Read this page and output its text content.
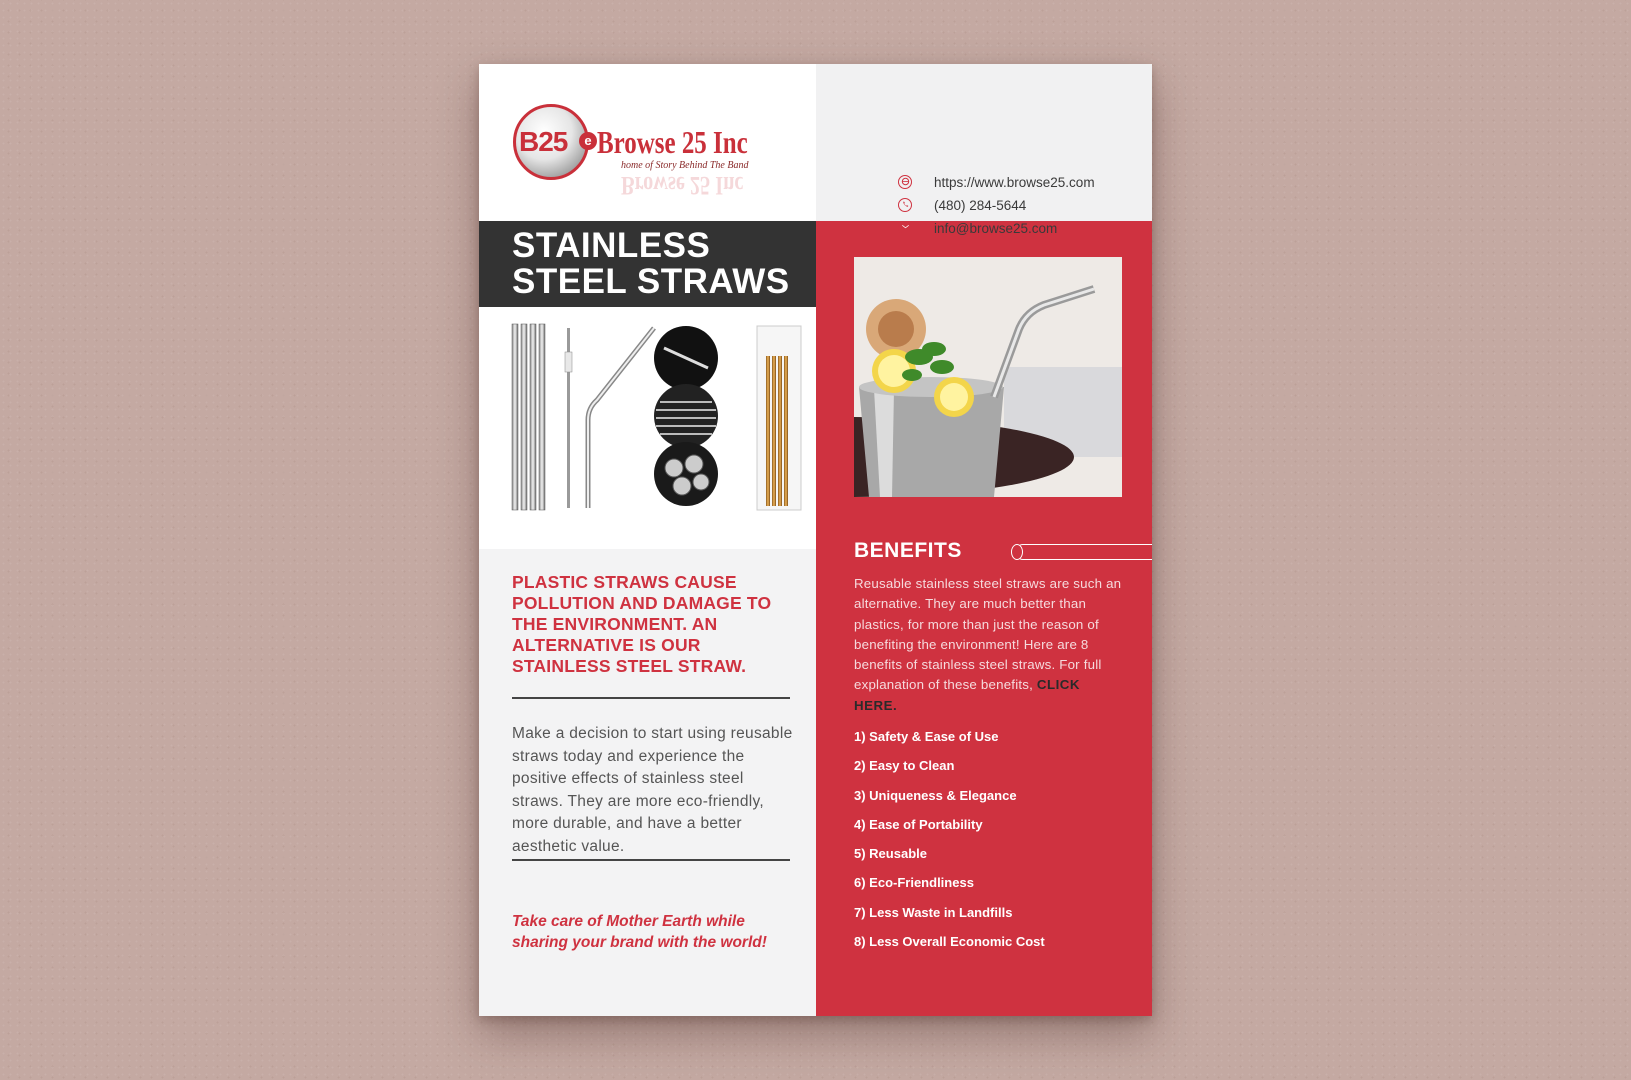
B25	e Browse 25 Inc
home of Story Behind The Band
Browse 25 Inc	https://www.browse25.com
(480) 284-5644
info@browse25.com
STAINLESS
STEEL STRAWS
PLASTIC STRAWS CAUSE POLLUTION AND DAMAGE TO THE ENVIRONMENT. AN ALTERNATIVE IS OUR STAINLESS STEEL STRAW.
Make a decision to start using reusable straws today and experience the positive effects of stainless steel straws. They are more eco-friendly, more durable, and have a better aesthetic value.
Take care of Mother Earth while sharing your brand with the world!
BENEFITS
Reusable stainless steel straws are such an alternative. They are much better than plastics, for more than just the reason of benefiting the environment! Here are 8 benefits of stainless steel straws. For full explanation of these benefits, CLICK HERE.
1) Safety & Ease of Use
2) Easy to Clean
3) Uniqueness & Elegance
4) Ease of Portability
5) Reusable
6) Eco-Friendliness
7) Less Waste in Landfills
8) Less Overall Economic Cost
